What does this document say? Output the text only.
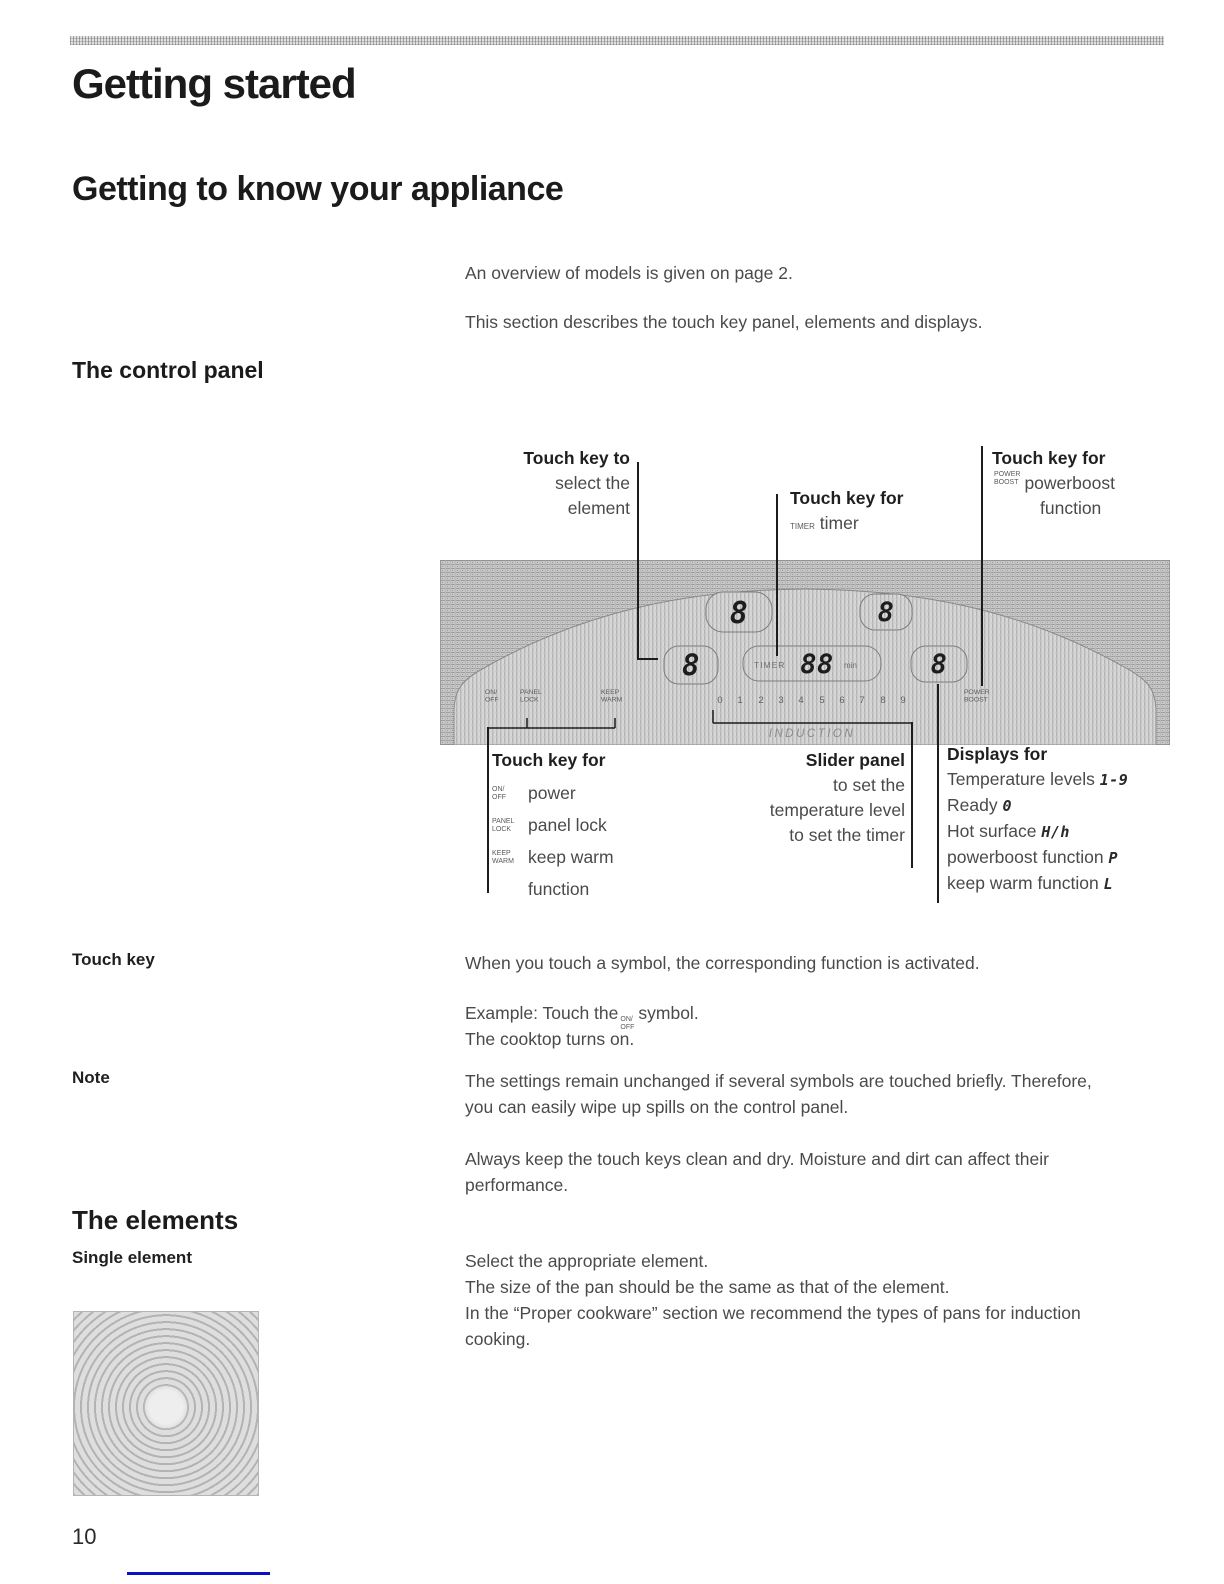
Getting started
Getting to know your appliance
An overview of models is given on page 2.
This section describes the touch key panel, elements and displays.
The control panel
Touch key to
select the
element	Touch key for
TIMER timer
Touch key for
POWER
BOOST powerboost
function
8	8
8	TIMER 88 min	8
ON/ OFF
PANEL LOCK
KEEP WARM
POWER BOOST
0 1 2 3 4 5 6 7 8 9
INDUCTION
Touch key for
ON/
OFF	power
PANEL
LOCK panel lock
KEEP
WARM keep warm
function
Slider panel
to set the
temperature level
to set the timer
Displays for
Temperature levels 1-9
Ready 0
Hot surface H/h
powerboost function P
keep warm function L
Touch key	When you touch a symbol, the corresponding function is activated.
Example: Touch the ON/
OFF
symbol.
The cooktop turns on.
Note	The settings remain unchanged if several symbols are touched briefly. Therefore,
you can easily wipe up spills on the control panel.
Always keep the touch keys clean and dry. Moisture and dirt can affect their
performance.
The elements
Single element	Select the appropriate element.
The size of the pan should be the same as that of the element.
In the “Proper cookware” section we recommend the types of pans for induction
cooking.
10
